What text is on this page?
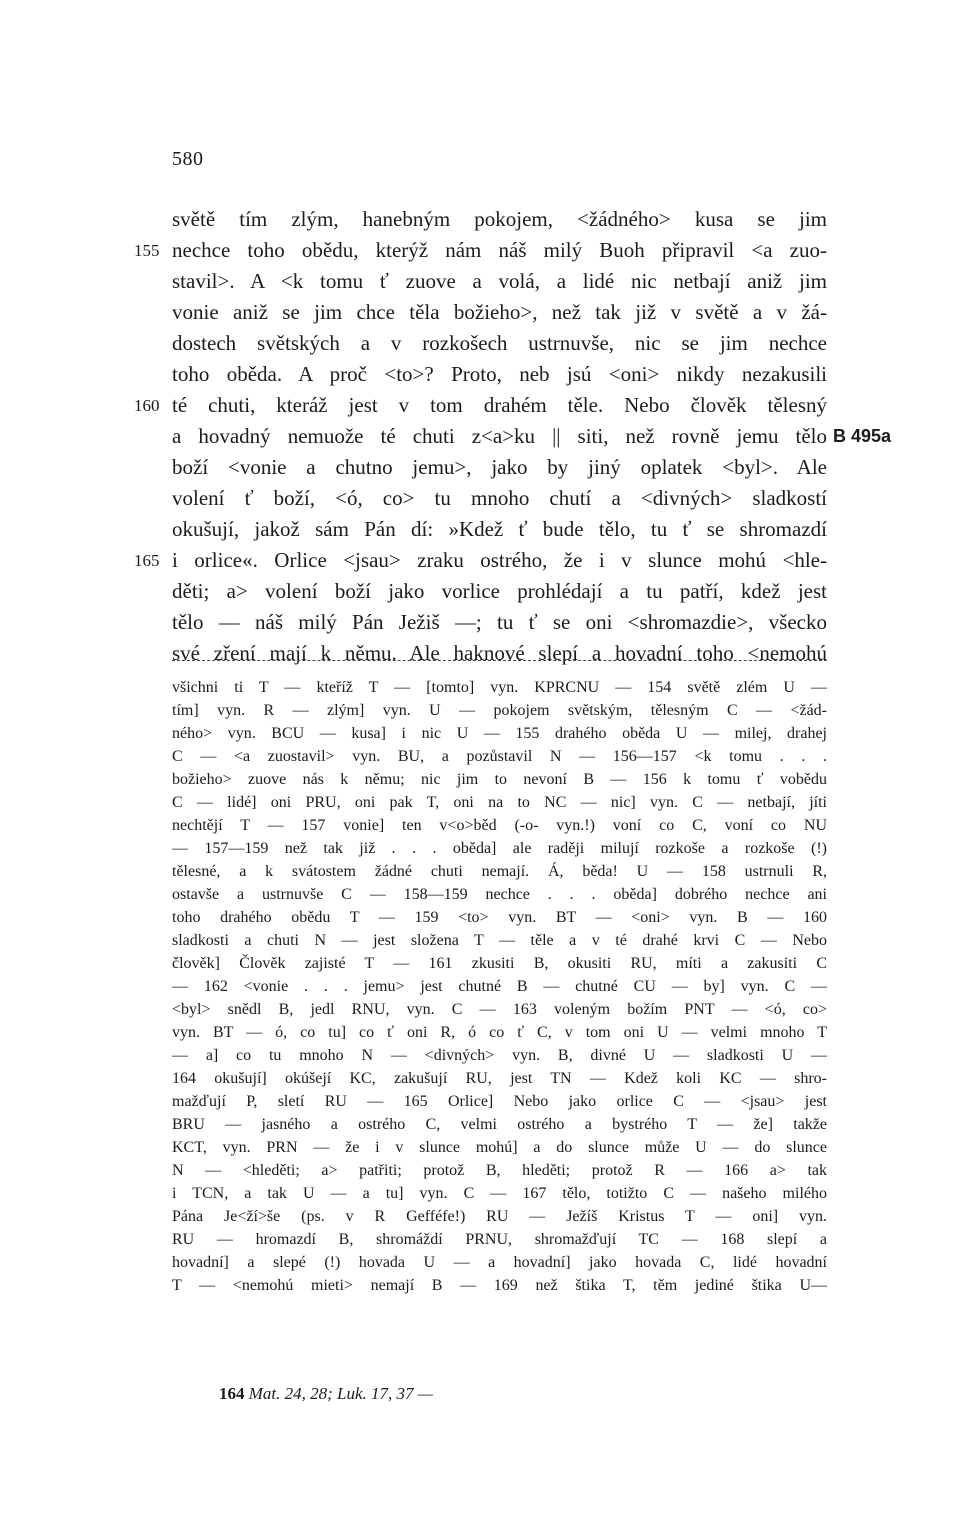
580
světě tím zlým, hanebným pokojem, <žádného> kusa se jim
155 nechce toho obědu, kterýž nám náš milý Buoh připravil <a zuo-
stavil>. A <k tomu ť zuove a volá, a lidé nic netbají aniž jim
vonie aniž se jim chce těla božieho>, než tak již v světě a v žá-
dostech světských a v rozkošech ustrnuvše, nic se jim nechce
toho oběda. A proč <to>? Proto, neb jsú <oni> nikdy nezakusili
160 té chuti, kteráž jest v tom drahém těle. Nebo člověk tělesný
a hovadný nemuože té chuti z<a>ku || siti, než rovně jemu tělo B 495a
boží <vonie a chutno jemu>, jako by jiný oplatek <byl>. Ale
volení ť boží, <ó, co> tu mnoho chutí a <divných> sladkostí
okušují, jakož sám Pán dí: »Kdež ť bude tělo, tu ť se shromazdí
165 i orlice«. Orlice <jsau> zraku ostrého, že i v slunce mohú <hle-
děti; a> volení boží jako vorlice prohlédají a tu patří, kdež jest
tělo — náš milý Pán Ježiš —; tu ť se oni <shromazdie>, všecko
své zření mají k němu. Ale haknové slepí a hovadní toho <nemohú
všichni ti T — kteříž T — [tomto] vyn. KPRCNU — 154 světě zlém U —
tím] vyn. R — zlým] vyn. U — pokojem světským, tělesným C — <žád-
ného> vyn. BCU — kusa] i nic U — 155 drahého oběda U — milej, drahej
C — <a zuostavil> vyn. BU, a pozůstavil N — 156—157 <k tomu . . .
božieho> zuove nás k němu; nic jim to nevoní B — 156 k tomu ť vobědu
C — lidé] oni PRU, oni pak T, oni na to NC — nic] vyn. C — netbají, jíti
nechtějí T — 157 vonie] ten v<o>běd (-o- vyn.!) voní co C, voní co NU
— 157—159 než tak již . . . oběda] ale raději milují rozkoše a rozkoše (!)
tělesné, a k svátostem žádné chuti nemají. Á, běda! U — 158 ustrnuli R,
ostavše a ustrnuvše C — 158—159 nechce . . . oběda] dobrého nechce ani
toho drahého obědu T — 159 <to> vyn. BT — <oni> vyn. B — 160
sladkosti a chuti N — jest složena T — těle a v té drahé krvi C — Nebo
člověk] Člověk zajisté T — 161 zkusiti B, okusiti RU, míti a zakusiti C
— 162 <vonie . . . jemu> jest chutné B — chutné CU — by] vyn. C —
<byl> snědl B, jedl RNU, vyn. C — 163 voleným božím PNT — <ó, co>
vyn. BT — ó, co tu] co ť oni R, ó co ť C, v tom oni U — velmi mnoho T
— a] co tu mnoho N — <divných> vyn. B, divné U — sladkosti U —
164 okušují] okúšejí KC, zakušují RU, jest TN — Kdež koli KC — shro-
mažďují P, sletí RU — 165 Orlice] Nebo jako orlice C — <jsau> jest
BRU — jasného a ostrého C, velmi ostrého a bystrého T — že] takže
KCT, vyn. PRN — že i v slunce mohú] a do slunce může U — do slunce
N — <hleděti; a> patřiti; protož B, hleděti; protož R — 166 a> tak
i TCN, a tak U — a tu] vyn. C — 167 tělo, totižto C — našeho milého
Pána Je<ží>še (ps. v R Gefféfe!) RU — Ježíš Kristus T — oni] vyn.
RU — hromazdí B, shromáždí PRNU, shromažďují TC — 168 slepí a
hovadní] a slepé (!) hovada U — a hovadní] jako hovada C, lidé hovadní
T — <nemohú mieti> nemají B — 169 než štika T, těm jediné štika U—
164 Mat. 24, 28; Luk. 17, 37 —
